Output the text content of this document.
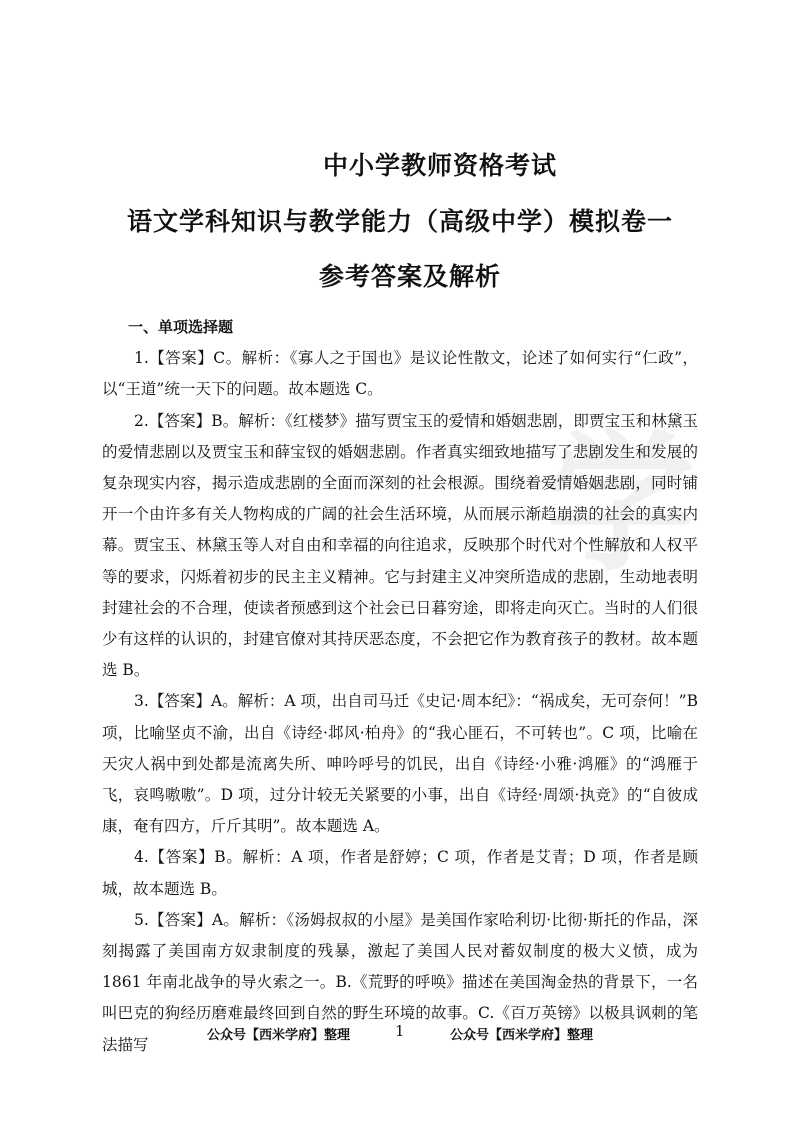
学
中小学教师资格考试
语文学科知识与教学能力（高级中学）模拟卷一
参考答案及解析
一、单项选择题

1.【答案】C。解析：《寡人之于国也》是议论性散文，论述了如何实行“仁政”，以“王道”统一天下的问题。故本题选 C。

2.【答案】B。解析：《红楼梦》描写贾宝玉的爱情和婚姻悲剧，即贾宝玉和林黛玉的爱情悲剧以及贾宝玉和薛宝钗的婚姻悲剧。作者真实细致地描写了悲剧发生和发展的复杂现实内容，揭示造成悲剧的全面而深刻的社会根源。围绕着爱情婚姻悲剧，同时铺开一个由许多有关人物构成的广阔的社会生活环境，从而展示渐趋崩溃的社会的真实内幕。贾宝玉、林黛玉等人对自由和幸福的向往追求，反映那个时代对个性解放和人权平等的要求，闪烁着初步的民主主义精神。它与封建主义冲突所造成的悲剧，生动地表明封建社会的不合理，使读者预感到这个社会已日暮穷途，即将走向灭亡。当时的人们很少有这样的认识的，封建官僚对其持厌恶态度，不会把它作为教育孩子的教材。故本题选 B。

3.【答案】A。解析：A 项，出自司马迁《史记·周本纪》：“祸成矣，无可奈何！”B 项，比喻坚贞不渝，出自《诗经·邶风·柏舟》的“我心匪石，不可转也”。C 项，比喻在天灾人祸中到处都是流离失所、呻吟呼号的饥民，出自《诗经·小雅·鸿雁》的“鸿雁于飞，哀鸣嗷嗷”。D 项，过分计较无关紧要的小事，出自《诗经·周颂·执竞》的“自彼成康，奄有四方，斤斤其明”。故本题选 A。

4.【答案】B。解析：A 项，作者是舒婷；C 项，作者是艾青；D 项，作者是顾城，故本题选 B。

5.【答案】A。解析：《汤姆叔叔的小屋》是美国作家哈利切·比彻·斯托的作品，深刻揭露了美国南方奴隶制度的残暴，激起了美国人民对蓄奴制度的极大义愤，成为 1861 年南北战争的导火索之一。B.《荒野的呼唤》描述在美国淘金热的背景下，一名叫巴克的狗经历磨难最终回到自然的野生环境的故事。C.《百万英镑》以极具讽刺的笔法描写

公众号【西米学府】整理	1	公众号【西米学府】整理
